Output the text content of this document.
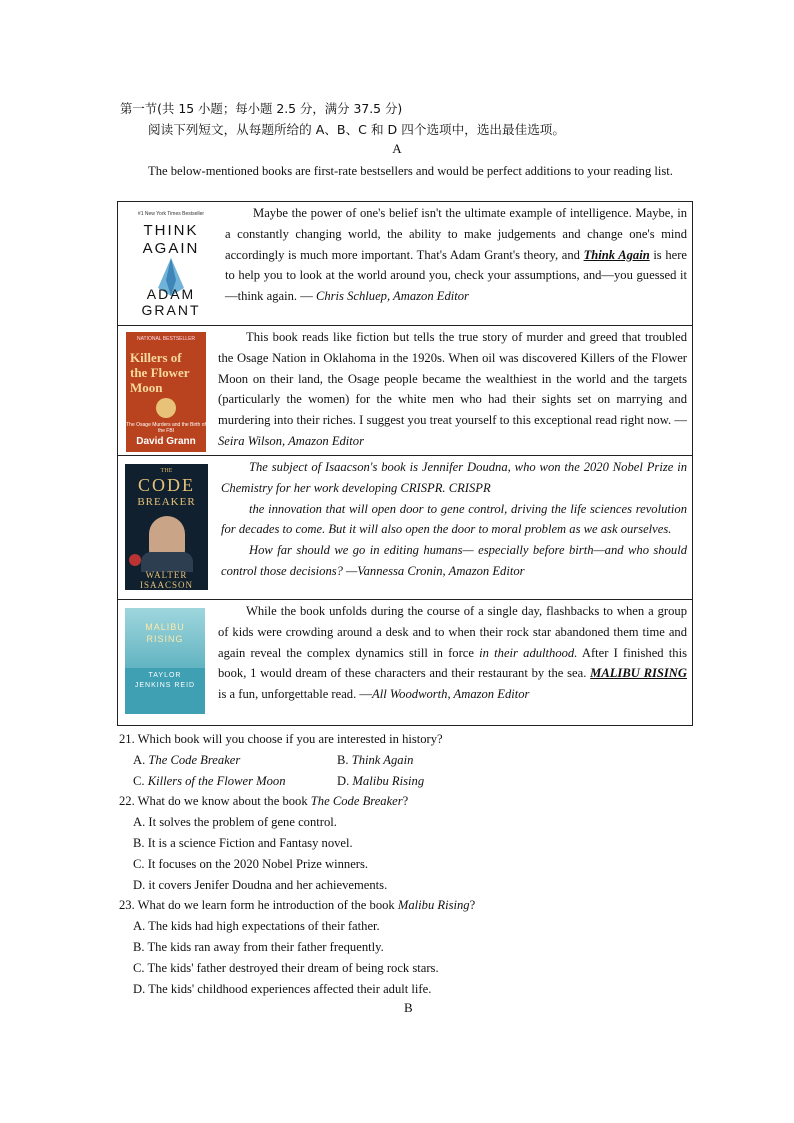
第一节(共 15 小题；每小题 2.5 分，满分 37.5 分)
阅读下列短文，从每题所给的 A、B、C 和 D 四个选项中，选出最佳选项。
A
The below-mentioned books are first-rate bestsellers and would be perfect additions to your reading list.
#1 New York Times Bestseller
THINK
AGAIN
ADAM
GRANT
Maybe the power of one's belief isn't the ultimate example of intelligence. Maybe, in a constantly changing world, the ability to make judgements and change one's mind accordingly is much more important. That's Adam Grant's theory, and Think Again is here to help you to look at the world around you, check your assumptions, and—you guessed it—think again. — Chris Schluep, Amazon Editor
NATIONAL BESTSELLER
Killers of the Flower Moon
The Osage Murders and the Birth of the FBI
David Grann
This book reads like fiction but tells the true story of murder and greed that troubled the Osage Nation in Oklahoma in the 1920s. When oil was discovered Killers of the Flower Moon on their land, the Osage people became the wealthiest in the world and the targets (particularly the women) for the white men who had their sights set on marrying and murdering into their riches. I suggest you treat yourself to this exceptional read right now. —Seira Wilson, Amazon Editor
THE
CODE
BREAKER
WALTER
ISAACSON

The subject of Isaacson's book is Jennifer Doudna, who won the 2020 Nobel Prize in Chemistry for her work developing CRISPR. CRISPR

the innovation that will open door to gene control, driving the life sciences revolution for decades to come. But it will also open the door to moral problem as we ask ourselves.

How far should we go in editing humans— especially before birth—and who should control those decisions? —Vannessa Cronin, Amazon Editor

MALIBU
RISING
TAYLOR
JENKINS REID
While the book unfolds during the course of a single day, flashbacks to when a group of kids were crowding around a desk and to when their rock star abandoned them time and again reveal the complex dynamics still in force in their adulthood. After I finished this book, 1 would dream of these characters and their restaurant by the sea. MALIBU RISING is a fun, unforgettable read. —All Woodworth, Amazon Editor

21. Which book will you choose if you are interested in history?

A. The Code Breaker	B. Think Again
C. Killers of the Flower Moon	D. Malibu Rising

22. What do we know about the book The Code Breaker?

A. It solves the problem of gene control.

B. It is a science Fiction and Fantasy novel.

C. It focuses on the 2020 Nobel Prize winners.

D. it covers Jenifer Doudna and her achievements.

23. What do we learn form he introduction of the book Malibu Rising?

A. The kids had high expectations of their father.

B. The kids ran away from their father frequently.

C. The kids' father destroyed their dream of being rock stars.

D. The kids' childhood experiences affected their adult life.

B
